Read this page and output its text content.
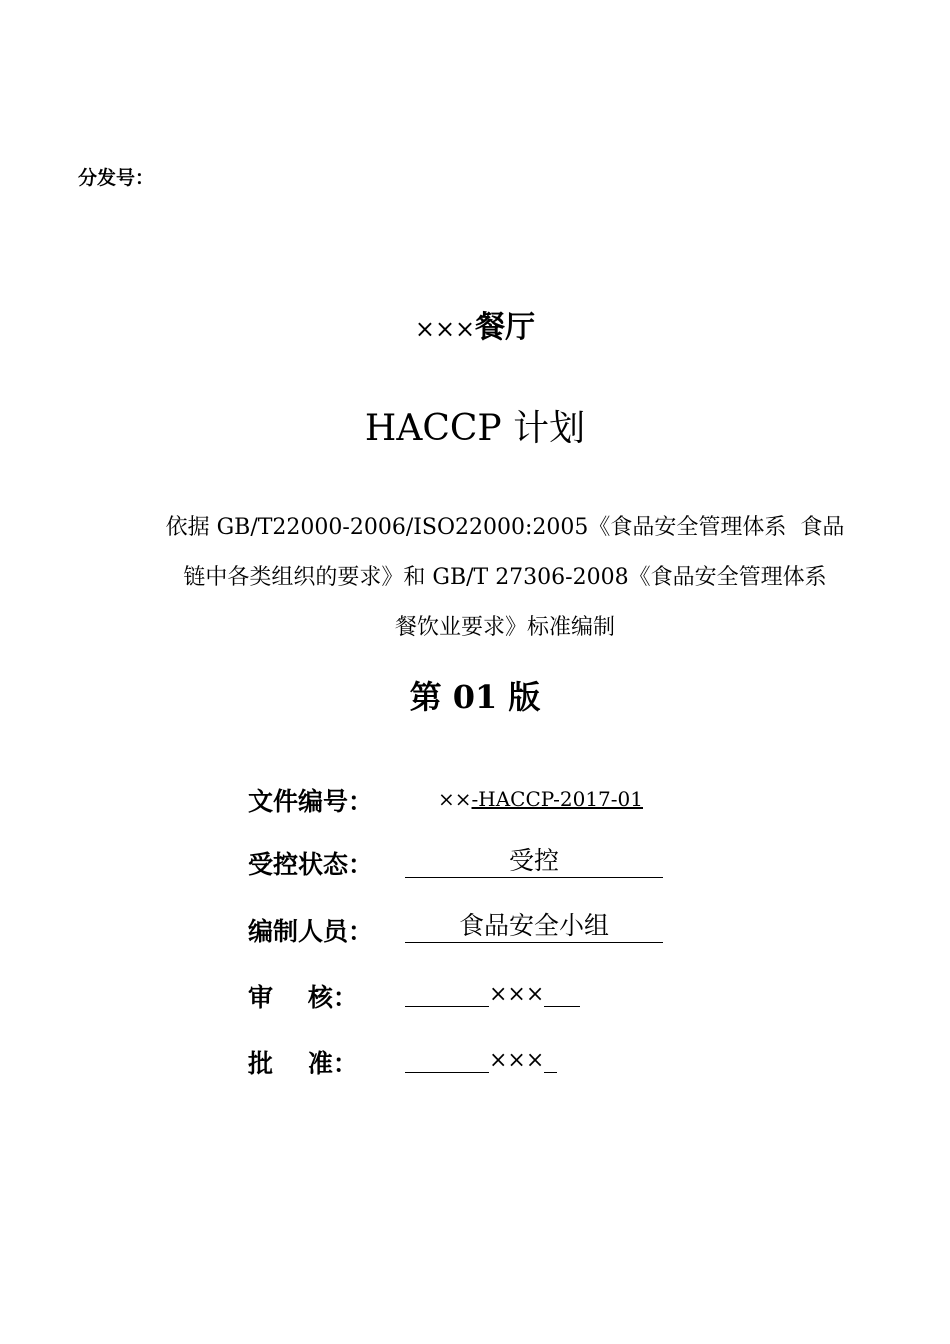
分发号：
×××餐厅
HACCP 计划
依据 GB/T22000-2006/ISO22000:2005《食品安全管理体系  食品
链中各类组织的要求》和 GB/T 27306-2008《食品安全管理体系
餐饮业要求》标准编制
第 01 版
文件编号：	××-HACCP-2017-01
受控状态：	受控
编制人员：	食品安全小组
审    核：	×××
批    准：	×××
